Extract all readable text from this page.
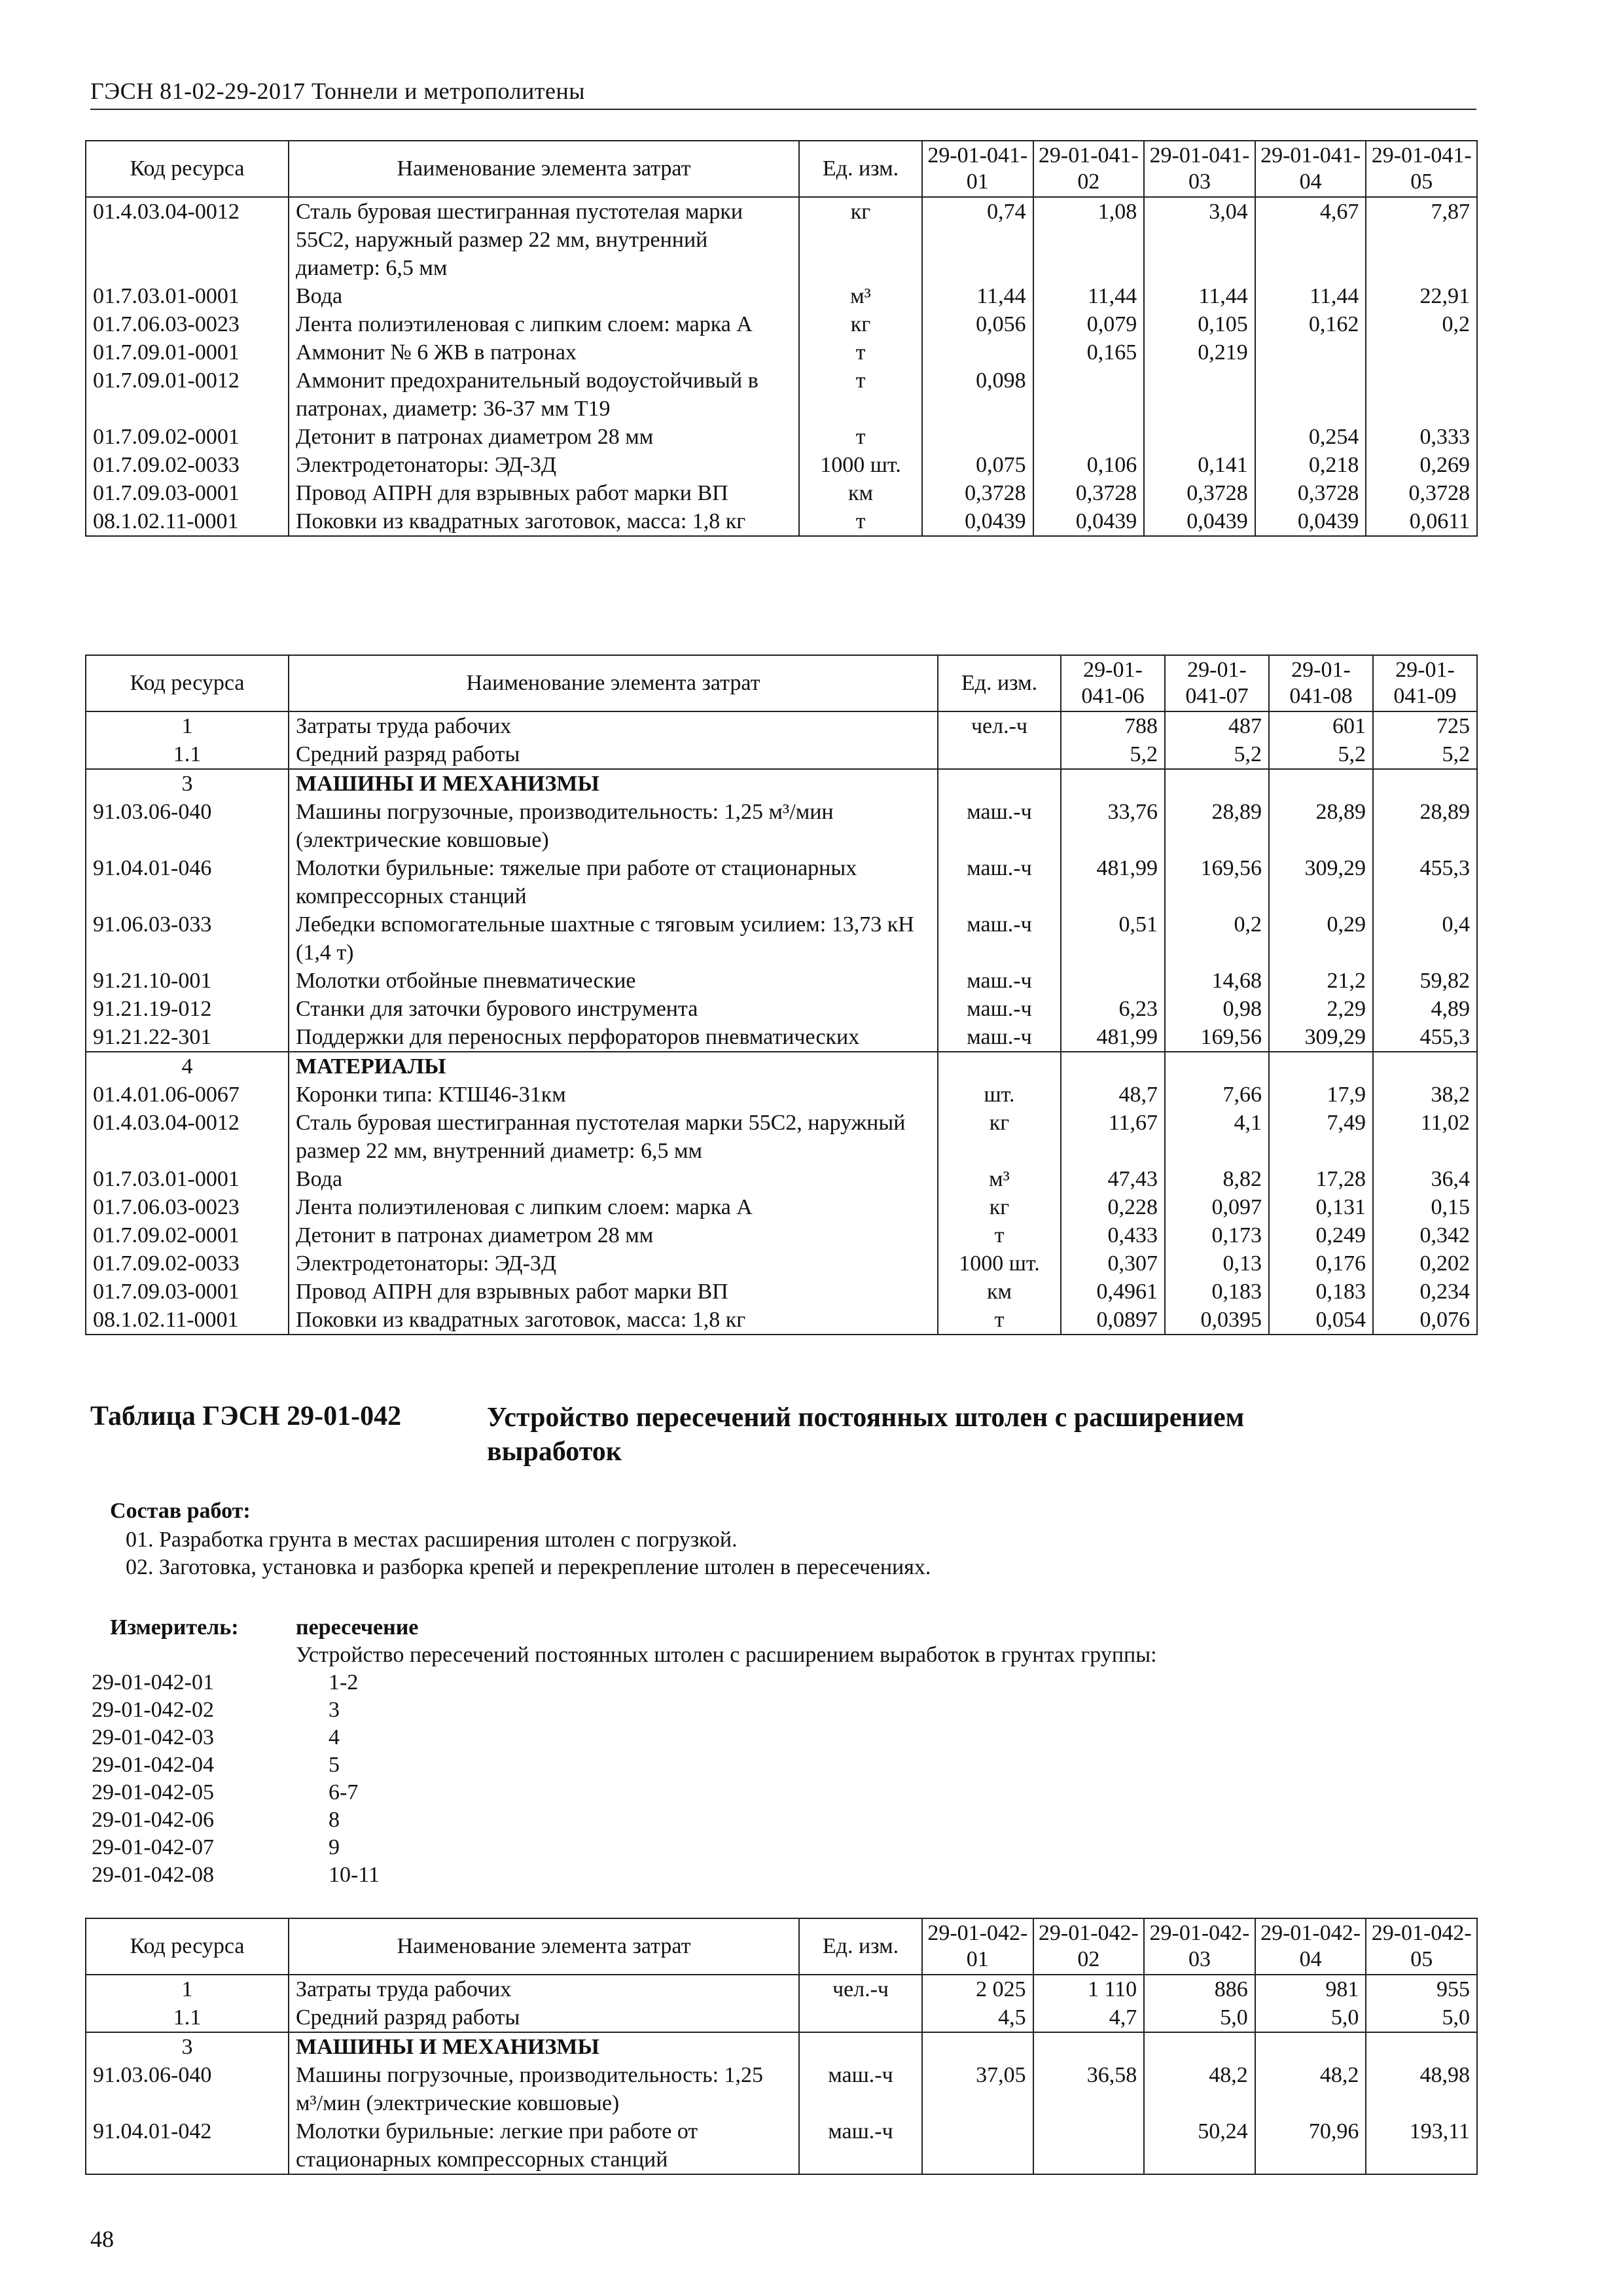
ГЭСН 81-02-29-2017 Тоннели и метрополитены
Код ресурса	Наименование элемента затрат	Ед. изм.	29-01-041-01	29-01-041-02	29-01-041-03	29-01-041-04	29-01-041-05
01.4.03.04-0012	Сталь буровая шестигранная пустотелая марки 55С2, наружный размер 22 мм, внутренний диаметр: 6,5 мм	кг	0,74	1,08	3,04	4,67	7,87
01.7.03.01-0001	Вода	м³	11,44	11,44	11,44	11,44	22,91
01.7.06.03-0023	Лента полиэтиленовая с липким слоем: марка А	кг	0,056	0,079	0,105	0,162	0,2
01.7.09.01-0001	Аммонит № 6 ЖВ в патронах	т		0,165	0,219		
01.7.09.01-0012	Аммонит предохранительный водоустойчивый в патронах, диаметр: 36-37 мм Т19	т	0,098				
01.7.09.02-0001	Детонит в патронах диаметром 28 мм	т				0,254	0,333
01.7.09.02-0033	Электродетонаторы: ЭД-3Д	1000 шт.	0,075	0,106	0,141	0,218	0,269
01.7.09.03-0001	Провод АПРН для взрывных работ марки ВП	км	0,3728	0,3728	0,3728	0,3728	0,3728
08.1.02.11-0001	Поковки из квадратных заготовок, масса: 1,8 кг	т	0,0439	0,0439	0,0439	0,0439	0,0611
Код ресурса	Наименование элемента затрат	Ед. изм.	29-01-041-06	29-01-041-07	29-01-041-08	29-01-041-09
1	Затраты труда рабочих	чел.-ч	788	487	601	725
1.1	Средний разряд работы		5,2	5,2	5,2	5,2
3	МАШИНЫ И МЕХАНИЗМЫ					
91.03.06-040	Машины погрузочные, производительность: 1,25 м³/мин (электрические ковшовые)	маш.-ч	33,76	28,89	28,89	28,89
91.04.01-046	Молотки бурильные: тяжелые при работе от стационарных компрессорных станций	маш.-ч	481,99	169,56	309,29	455,3
91.06.03-033	Лебедки вспомогательные шахтные с тяговым усилием: 13,73 кН (1,4 т)	маш.-ч	0,51	0,2	0,29	0,4
91.21.10-001	Молотки отбойные пневматические	маш.-ч		14,68	21,2	59,82
91.21.19-012	Станки для заточки бурового инструмента	маш.-ч	6,23	0,98	2,29	4,89
91.21.22-301	Поддержки для переносных перфораторов пневматических	маш.-ч	481,99	169,56	309,29	455,3
4	МАТЕРИАЛЫ					
01.4.01.06-0067	Коронки типа: КТШ46-31км	шт.	48,7	7,66	17,9	38,2
01.4.03.04-0012	Сталь буровая шестигранная пустотелая марки 55С2, наружный размер 22 мм, внутренний диаметр: 6,5 мм	кг	11,67	4,1	7,49	11,02
01.7.03.01-0001	Вода	м³	47,43	8,82	17,28	36,4
01.7.06.03-0023	Лента полиэтиленовая с липким слоем: марка А	кг	0,228	0,097	0,131	0,15
01.7.09.02-0001	Детонит в патронах диаметром 28 мм	т	0,433	0,173	0,249	0,342
01.7.09.02-0033	Электродетонаторы: ЭД-3Д	1000 шт.	0,307	0,13	0,176	0,202
01.7.09.03-0001	Провод АПРН для взрывных работ марки ВП	км	0,4961	0,183	0,183	0,234
08.1.02.11-0001	Поковки из квадратных заготовок, масса: 1,8 кг	т	0,0897	0,0395	0,054	0,076
Таблица ГЭСН 29-01-042	Устройство пересечений постоянных штолен с расширением выработок
Состав работ:
01. Разработка грунта в местах расширения штолен с погрузкой.
02. Заготовка, установка и разборка крепей и перекрепление штолен в пересечениях.
Измеритель:	пересечение
Устройство пересечений постоянных штолен с расширением выработок в грунтах группы:
29-01-042-01	1-2
29-01-042-02	3
29-01-042-03	4
29-01-042-04	5
29-01-042-05	6-7
29-01-042-06	8
29-01-042-07	9
29-01-042-08	10-11
Код ресурса	Наименование элемента затрат	Ед. изм.	29-01-042-01	29-01-042-02	29-01-042-03	29-01-042-04	29-01-042-05
1	Затраты труда рабочих	чел.-ч	2 025	1 110	886	981	955
1.1	Средний разряд работы		4,5	4,7	5,0	5,0	5,0
3	МАШИНЫ И МЕХАНИЗМЫ						
91.03.06-040	Машины погрузочные, производительность: 1,25 м³/мин (электрические ковшовые)	маш.-ч	37,05	36,58	48,2	48,2	48,98
91.04.01-042	Молотки бурильные: легкие при работе от стационарных компрессорных станций	маш.-ч			50,24	70,96	193,11
48
